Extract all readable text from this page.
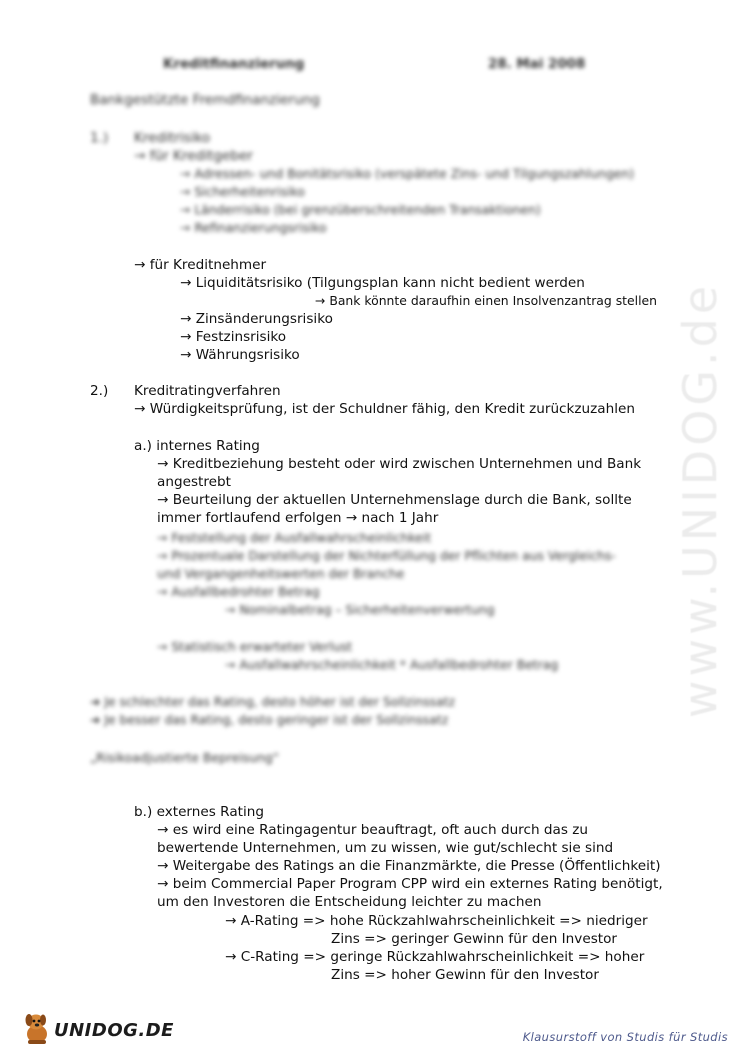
Kreditfinanzierung	28. Mai 2008
Bankgestützte Fremdfinanzierung
1.) Kreditrisiko
→ für Kreditgeber
→ Adressen- und Bonitätsrisiko (verspätete Zins- und Tilgungszahlungen)
→ Sicherheitenrisiko
→ Länderrisiko (bei grenzüberschreitenden Transaktionen)
→ Refinanzierungsrisiko
→ für Kreditnehmer
→ Liquiditätsrisiko (Tilgungsplan kann nicht bedient werden
→ Bank könnte daraufhin einen Insolvenzantrag stellen
→ Zinsänderungsrisiko
→ Festzinsrisiko
→ Währungsrisiko
2.) Kreditratingverfahren
→ Würdigkeitsprüfung, ist der Schuldner fähig, den Kredit zurückzuzahlen
a.) internes Rating
→ Kreditbeziehung besteht oder wird zwischen Unternehmen und Bank
angestrebt
→ Beurteilung der aktuellen Unternehmenslage durch die Bank, sollte
immer fortlaufend erfolgen → nach 1 Jahr
→ Feststellung der Ausfallwahrscheinlichkeit
→ Prozentuale Darstellung der Nichterfüllung der Pflichten aus Vergleichs-
und Vergangenheitswerten der Branche
→ Ausfallbedrohter Betrag
→ Nominalbetrag – Sicherheitenverwertung
→ Statistisch erwarteter Verlust
→ Ausfallwahrscheinlichkeit * Ausfallbedrohter Betrag
➜ Je schlechter das Rating, desto höher ist der Sollzinssatz
➜ Je besser das Rating, desto geringer ist der Sollzinssatz
„Risikoadjustierte Bepreisung“
b.) externes Rating
→ es wird eine Ratingagentur beauftragt, oft auch durch das zu
bewertende Unternehmen, um zu wissen, wie gut/schlecht sie sind
→ Weitergabe des Ratings an die Finanzmärkte, die Presse (Öffentlichkeit)
→ beim Commercial Paper Program CPP wird ein externes Rating benötigt,
um den Investoren die Entscheidung leichter zu machen
→ A-Rating => hohe Rückzahlwahrscheinlichkeit => niedriger
Zins => geringer Gewinn für den Investor
→ C-Rating => geringe Rückzahlwahrscheinlichkeit => hoher
Zins => hoher Gewinn für den Investor
www.UNIDOG.de
UNIDOG.DE	Klausurstoff von Studis für Studis
